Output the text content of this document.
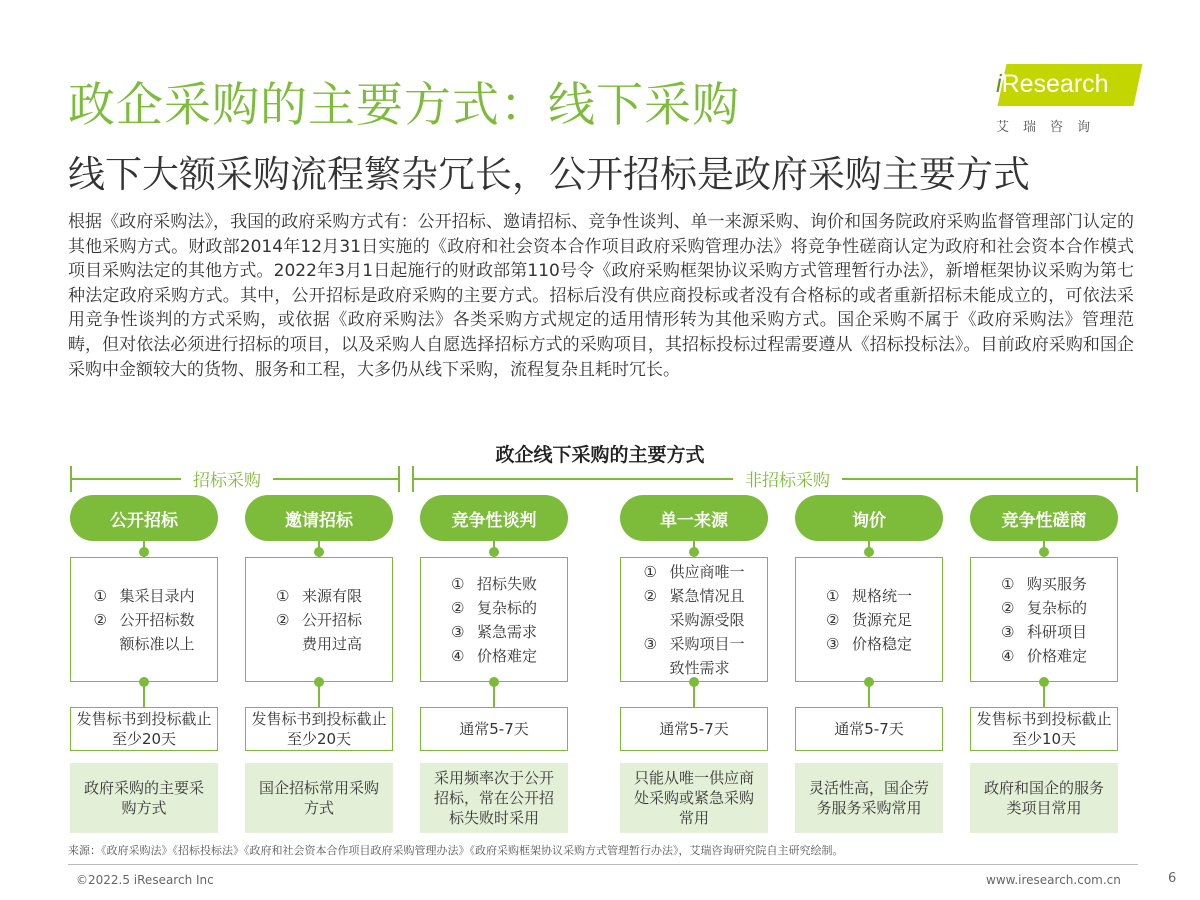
政企采购的主要方式：线下采购
线下大额采购流程繁杂冗长，公开招标是政府采购主要方式
iResearch
艾瑞咨询

根据《政府采购法》，我国的政府采购方式有：公开招标、邀请招标、竞争性谈判、单一来源采购、询价和国务院政府采购监督管理部门认定的其他采购方式。财政部2014年12月31日实施的《政府和社会资本合作项目政府采购管理办法》将竞争性磋商认定为政府和社会资本合作模式项目采购法定的其他方式。2022年3月1日起施行的财政部第110号令《政府采购框架协议采购方式管理暂行办法》，新增框架协议采购为第七种法定政府采购方式。其中，公开招标是政府采购的主要方式。招标后没有供应商投标或者没有合格标的或者重新招标未能成立的，可依法采用竞争性谈判的方式采购，或依据《政府采购法》各类采购方式规定的适用情形转为其他采购方式。国企采购不属于《政府采购法》管理范畴，但对依法必须进行招标的项目，以及采购人自愿选择招标方式的采购项目，其招标投标过程需要遵从《招标投标法》。目前政府采购和国企采购中金额较大的货物、服务和工程，大多仍从线下采购，流程复杂且耗时冗长。

政企线下采购的主要方式
招标采购	非招标采购
公开招标
① 集采目录内
② 公开招标数
额标准以上
发售标书到投标截止至少20天
政府采购的主要采购方式
邀请招标
① 来源有限
② 公开招标
费用过高
发售标书到投标截止至少20天
国企招标常用采购方式
竞争性谈判
① 招标失败
② 复杂标的
③ 紧急需求
④ 价格难定
通常5-7天
采用频率次于公开招标，常在公开招标失败时采用
单一来源
① 供应商唯一
② 紧急情况且
采购源受限
③ 采购项目一
致性需求
通常5-7天
只能从唯一供应商处采购或紧急采购常用
询价
① 规格统一
② 货源充足
③ 价格稳定
通常5-7天
灵活性高，国企劳务服务采购常用
竞争性磋商
① 购买服务
② 复杂标的
③ 科研项目
④ 价格难定
发售标书到投标截止至少10天
政府和国企的服务类项目常用
来源：《政府采购法》《招标投标法》《政府和社会资本合作项目政府采购管理办法》《政府采购框架协议采购方式管理暂行办法》，艾瑞咨询研究院自主研究绘制。
©2022.5 iResearch Inc	www.iresearch.com.cn	6
